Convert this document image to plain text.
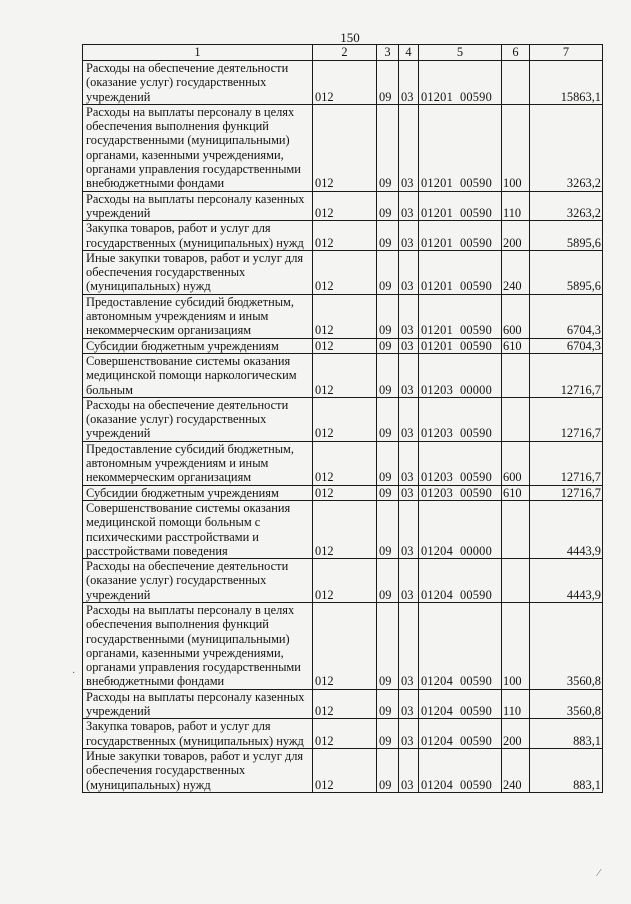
150
1	2	3	4	5	6	7
Расходы на обеспечение деятельности (оказание услуг) государственных учреждений	012	09	03	01201 00590		15863,1
Расходы на выплаты персоналу в целях обеспечения выполнения функций государственными (муниципальными) органами, казенными учреждениями, органами управления государственными внебюджетными фондами	012	09	03	01201 00590	100	3263,2
Расходы на выплаты персоналу казенных учреждений	012	09	03	01201 00590	110	3263,2
Закупка товаров, работ и услуг для государственных (муниципальных) нужд	012	09	03	01201 00590	200	5895,6
Иные закупки товаров, работ и услуг для обеспечения государственных (муниципальных) нужд	012	09	03	01201 00590	240	5895,6
Предоставление субсидий бюджетным, автономным учреждениям и иным некоммерческим организациям	012	09	03	01201 00590	600	6704,3
Субсидии бюджетным учреждениям	012	09	03	01201 00590	610	6704,3
Совершенствование системы оказания медицинской помощи наркологическим больным	012	09	03	01203 00000		12716,7
Расходы на обеспечение деятельности (оказание услуг) государственных учреждений	012	09	03	01203 00590		12716,7
Предоставление субсидий бюджетным, автономным учреждениям и иным некоммерческим организациям	012	09	03	01203 00590	600	12716,7
Субсидии бюджетным учреждениям	012	09	03	01203 00590	610	12716,7
Совершенствование системы оказания медицинской помощи больным с психическими расстройствами и расстройствами поведения	012	09	03	01204 00000		4443,9
Расходы на обеспечение деятельности (оказание услуг) государственных учреждений	012	09	03	01204 00590		4443,9
Расходы на выплаты персоналу в целях обеспечения выполнения функций государственными (муниципальными) органами, казенными учреждениями, органами управления государственными внебюджетными фондами	012	09	03	01204 00590	100	3560,8
Расходы на выплаты персоналу казенных учреждений	012	09	03	01204 00590	110	3560,8
Закупка товаров, работ и услуг для государственных (муниципальных) нужд	012	09	03	01204 00590	200	883,1
Иные закупки товаров, работ и услуг для обеспечения государственных (муниципальных) нужд	012	09	03	01204 00590	240	883,1
·
⁄
